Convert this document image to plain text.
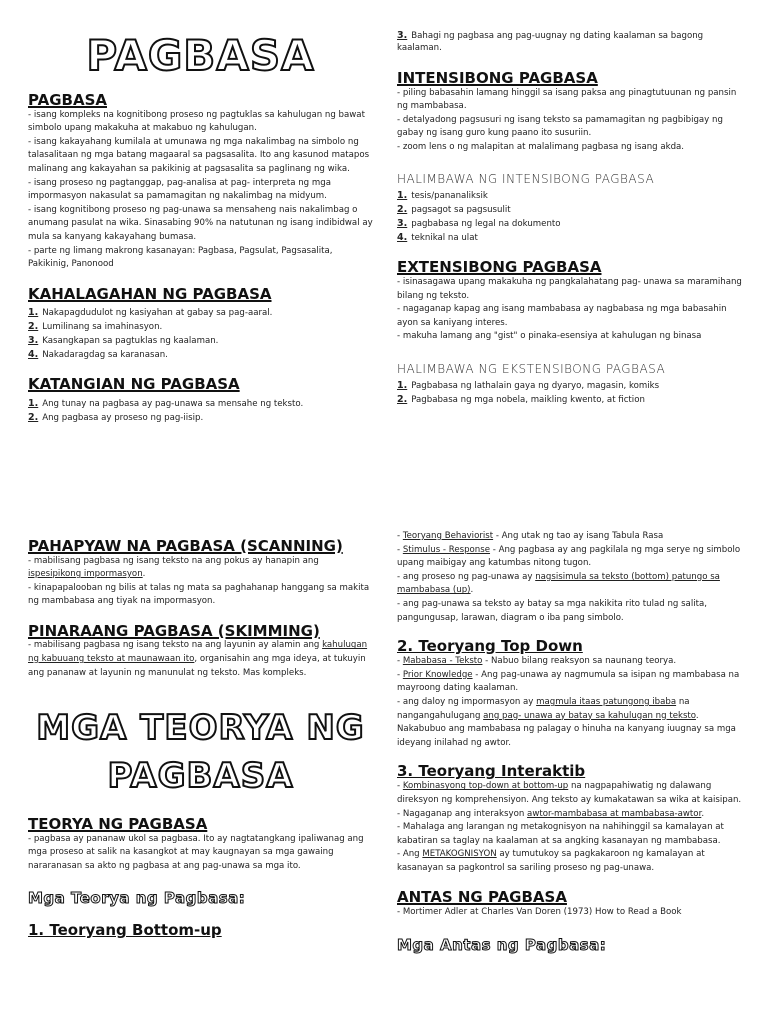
PAGBASA
PAGBASA

- isang kompleks na kognitibong proseso ng pagtuklas sa kahulugan ng bawat simbolo upang makakuha at makabuo ng kahulugan.

- isang kakayahang kumilala at umunawa ng mga nakalimbag na simbolo ng talasalitaan ng mga batang magaaral sa pagsasalita. Ito ang kasunod matapos malinang ang kakayahan sa pakikinig at pagsasalita sa paglinang ng wika.

- isang proseso ng pagtanggap, pag-analisa at pag- interpreta ng mga impormasyon nakasulat sa pamamagitan ng nakalimbag na midyum.

- isang kognitibong proseso ng pag-unawa sa mensaheng nais nakalimbag o anumang pasulat na wika. Sinasabing 90% na natutunan ng isang indibidwal ay mula sa kanyang kakayahang bumasa.

- parte ng limang makrong kasanayan: Pagbasa, Pagsulat, Pagsasalita, Pakikinig, Panonood

KAHALAGAHAN NG PAGBASA
1. Nakapagdudulot ng kasiyahan at gabay sa pag-aaral.
2. Lumilinang sa imahinasyon.
3. Kasangkapan sa pagtuklas ng kaalaman.
4. Nakadaragdag sa karanasan.
KATANGIAN NG PAGBASA
1. Ang tunay na pagbasa ay pag-unawa sa mensahe ng teksto.
2. Ang pagbasa ay proseso ng pag-iisip.
3. Bahagi ng pagbasa ang pag-uugnay ng dating kaalaman sa bagong kaalaman.
INTENSIBONG PAGBASA

- piling babasahin lamang hinggil sa isang paksa ang pinagtutuunan ng pansin ng mambabasa.

- detalyadong pagsusuri ng isang teksto sa pamamagitan ng pagbibigay ng gabay ng isang guro kung paano ito susuriin.

- zoom lens o ng malapitan at malalimang pagbasa ng isang akda.

HALIMBAWA NG INTENSIBONG PAGBASA
1. tesis/pananaliksik
2. pagsagot sa pagsusulit
3. pagbabasa ng legal na dokumento
4. teknikal na ulat
EXTENSIBONG PAGBASA

- isinasagawa upang makakuha ng pangkalahatang pag- unawa sa maramihang bilang ng teksto.

- nagaganap kapag ang isang mambabasa ay nagbabasa ng mga babasahin ayon sa kaniyang interes.

- makuha lamang ang "gist" o pinaka-esensiya at kahulugan ng binasa

HALIMBAWA NG EKSTENSIBONG PAGBASA
1. Pagbabasa ng lathalain gaya ng dyaryo, magasin, komiks
2. Pagbabasa ng mga nobela, maikling kwento, at fiction
PAHAPYAW NA PAGBASA (SCANNING)

- mabilisang pagbasa ng isang teksto na ang pokus ay hanapin ang ispesipikong impormasyon.

- kinapapalooban ng bilis at talas ng mata sa paghahanap hanggang sa makita ng mambabasa ang tiyak na impormasyon.

PINARAANG PAGBASA (SKIMMING)

- mabilisang pagbasa ng isang teksto na ang layunin ay alamin ang kahulugan ng kabuuang teksto at maunawaan ito, organisahin ang mga ideya, at tukuyin ang pananaw at layunin ng manunulat ng teksto. Mas kompleks.

MGA TEORYA NG
PAGBASA
TEORYA NG PAGBASA

- pagbasa ay pananaw ukol sa pagbasa. Ito ay nagtatangkang ipaliwanag ang mga proseso at salik na kasangkot at may kaugnayan sa mga gawaing nararanasan sa akto ng pagbasa at ang pag-unawa sa mga ito.

Mga Teorya ng Pagbasa:
1. Teoryang Bottom-up

- Teoryang Behaviorist - Ang utak ng tao ay isang Tabula Rasa

- Stimulus - Response - Ang pagbasa ay ang pagkilala ng mga serye ng simbolo upang maibigay ang katumbas nitong tugon.

- ang proseso ng pag-unawa ay nagsisimula sa teksto (bottom) patungo sa mambabasa (up).

- ang pag-unawa sa teksto ay batay sa mga nakikita rito tulad ng salita, pangungusap, larawan, diagram o iba pang simbolo.

2. Teoryang Top Down

- Mababasa - Teksto - Nabuo bilang reaksyon sa naunang teorya.

- Prior Knowledge - Ang pag-unawa ay nagmumula sa isipan ng mambabasa na mayroong dating kaalaman.

- ang daloy ng impormasyon ay magmula itaas patungong ibaba na nangangahulugang ang pag- unawa ay batay sa kahulugan ng teksto. Nakabubuo ang mambabasa ng palagay o hinuha na kanyang iuugnay sa mga ideyang inilahad ng awtor.

3. Teoryang Interaktib

- Kombinasyong top-down at bottom-up na nagpapahiwatig ng dalawang direksyon ng komprehensiyon. Ang teksto ay kumakatawan sa wika at kaisipan.

- Nagaganap ang interaksyon awtor-mambabasa at mambabasa-awtor.

- Mahalaga ang larangan ng metakognisyon na nahihinggil sa kamalayan at kabatiran sa taglay na kaalaman at sa angking kasanayan ng mambabasa.

- Ang METAKOGNISYON ay tumutukoy sa pagkakaroon ng kamalayan at kasanayan sa pagkontrol sa sariling proseso ng pag-unawa.

ANTAS NG PAGBASA

- Mortimer Adler at Charles Van Doren (1973) How to Read a Book

Mga Antas ng Pagbasa:
